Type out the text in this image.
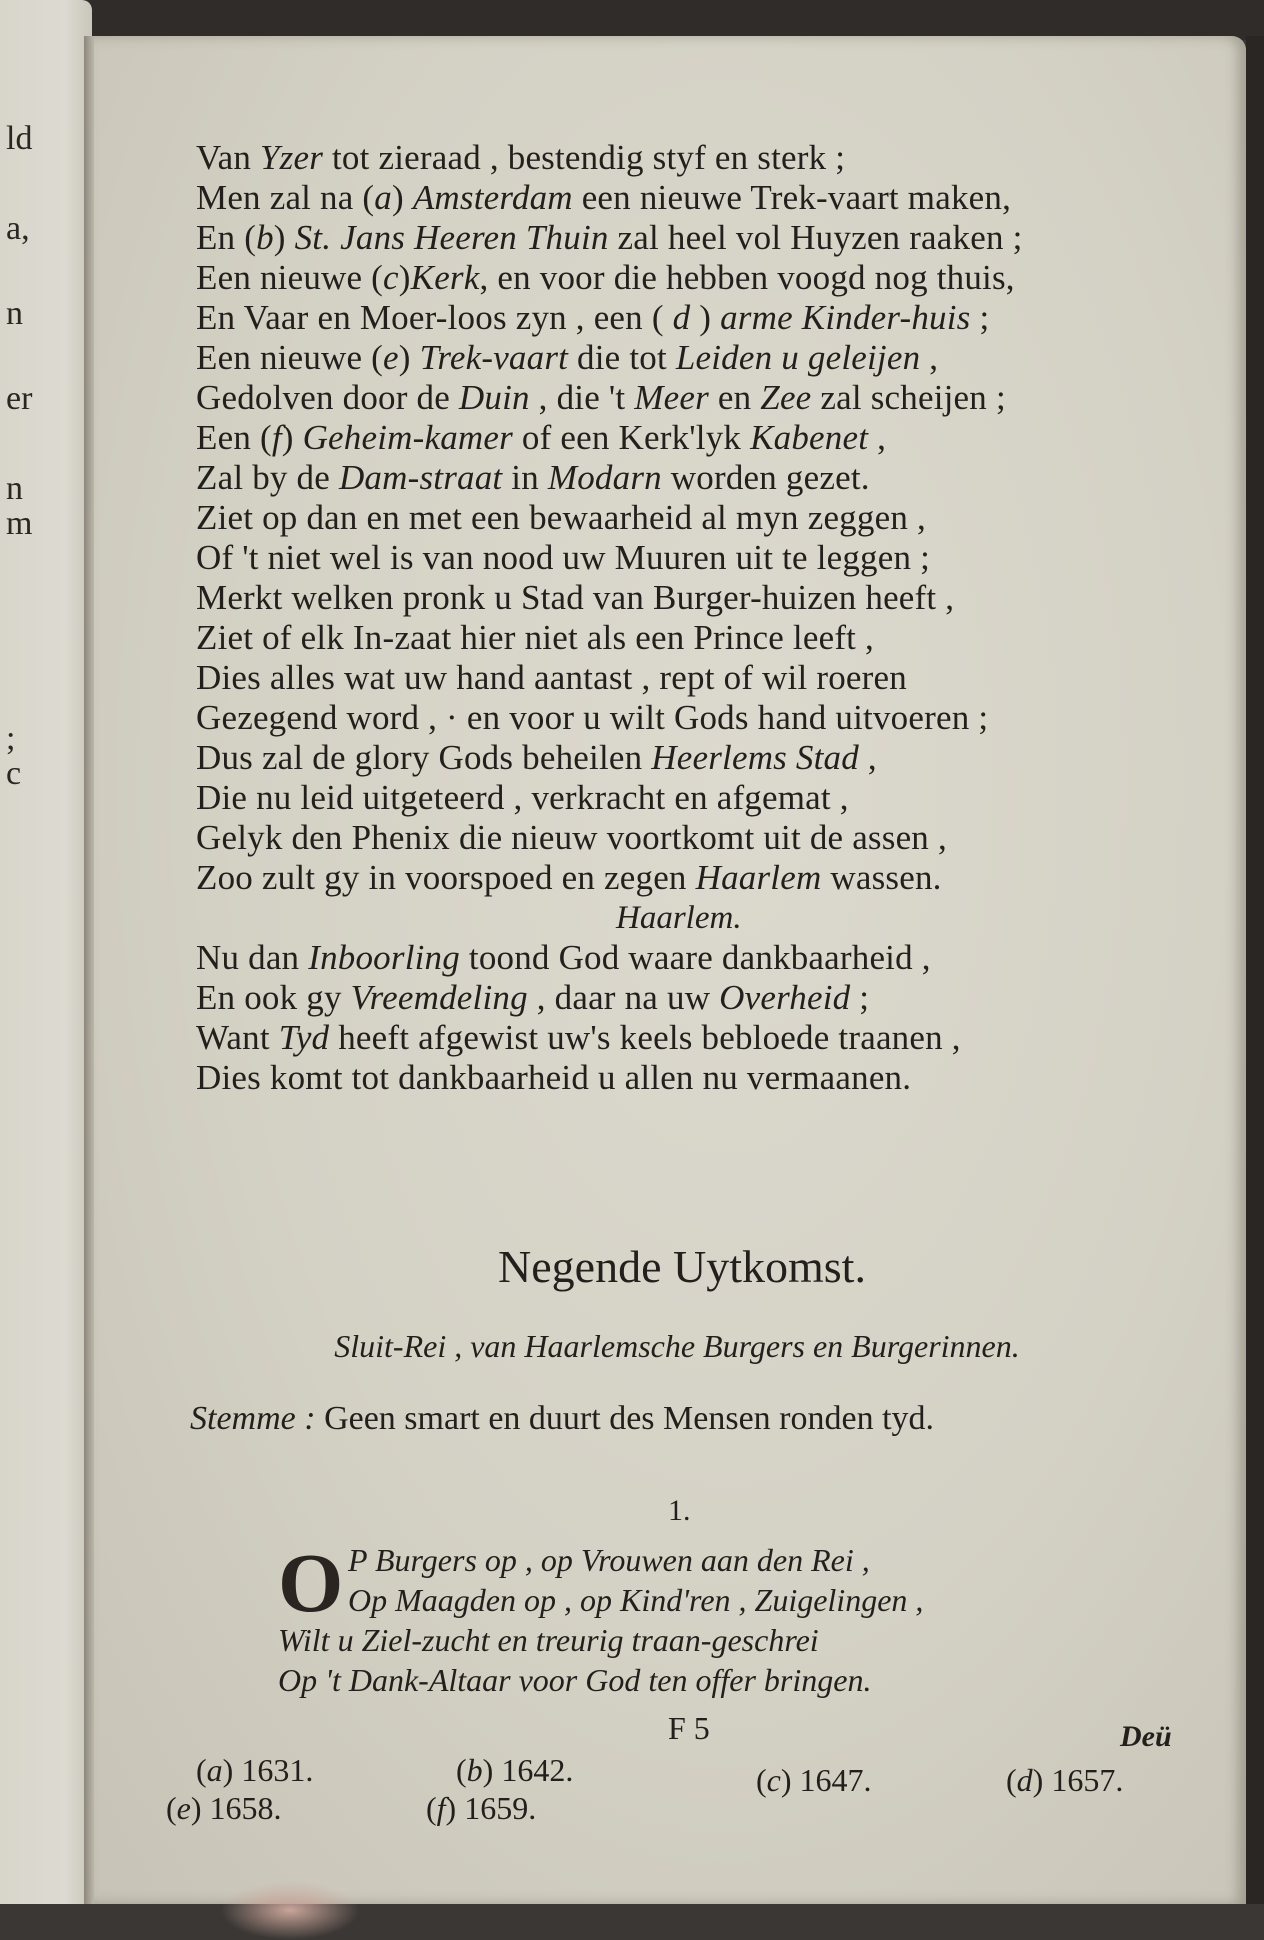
ld
a,
n
er
n
m
;
c
Van Yzer tot zieraad , bestendig styf en sterk ;
Men zal na (a) Amsterdam een nieuwe Trek-vaart maken,
En (b) St. Jans Heeren Thuin zal heel vol Huyzen raaken ;
Een nieuwe (c)Kerk, en voor die hebben voogd nog thuis,
En Vaar en Moer-loos zyn , een ( d ) arme Kinder-huis ;
Een nieuwe (e) Trek-vaart die tot Leiden u geleijen ,
Gedolven door de Duin , die 't Meer en Zee zal scheijen ;
Een (f) Geheim-kamer of een Kerk'lyk Kabenet ,
Zal by de Dam-straat in Modarn worden gezet.
Ziet op dan en met een bewaarheid al myn zeggen ,
Of 't niet wel is van nood uw Muuren uit te leggen ;
Merkt welken pronk u Stad van Burger-huizen heeft ,
Ziet of elk In-zaat hier niet als een Prince leeft ,
Dies alles wat uw hand aantast , rept of wil roeren
Gezegend word , · en voor u wilt Gods hand uitvoeren ;
Dus zal de glory Gods beheilen Heerlems Stad ,
Die nu leid uitgeteerd , verkracht en afgemat ,
Gelyk den Phenix die nieuw voortkomt uit de assen ,
Zoo zult gy in voorspoed en zegen Haarlem wassen.
Haarlem.
Nu dan Inboorling toond God waare dankbaarheid ,
En ook gy Vreemdeling , daar na uw Overheid ;
Want Tyd heeft afgewist uw's keels bebloede traanen ,
Dies komt tot dankbaarheid u allen nu vermaanen.
Negende Uytkomst.
Sluit-Rei , van Haarlemsche Burgers en Burgerinnen.
Stemme : Geen smart en duurt des Mensen ronden tyd.
1.
O P Burgers op , op Vrouwen aan den Rei ,
Op Maagden op , op Kind'ren , Zuigelingen ,
Wilt u Ziel-zucht en treurig traan-geschrei
Op 't Dank-Altaar voor God ten offer bringen.
F 5	Deü
(a) 1631.	(b) 1642.	(c) 1647.	(d) 1657.
(e) 1658.	(f) 1659.
